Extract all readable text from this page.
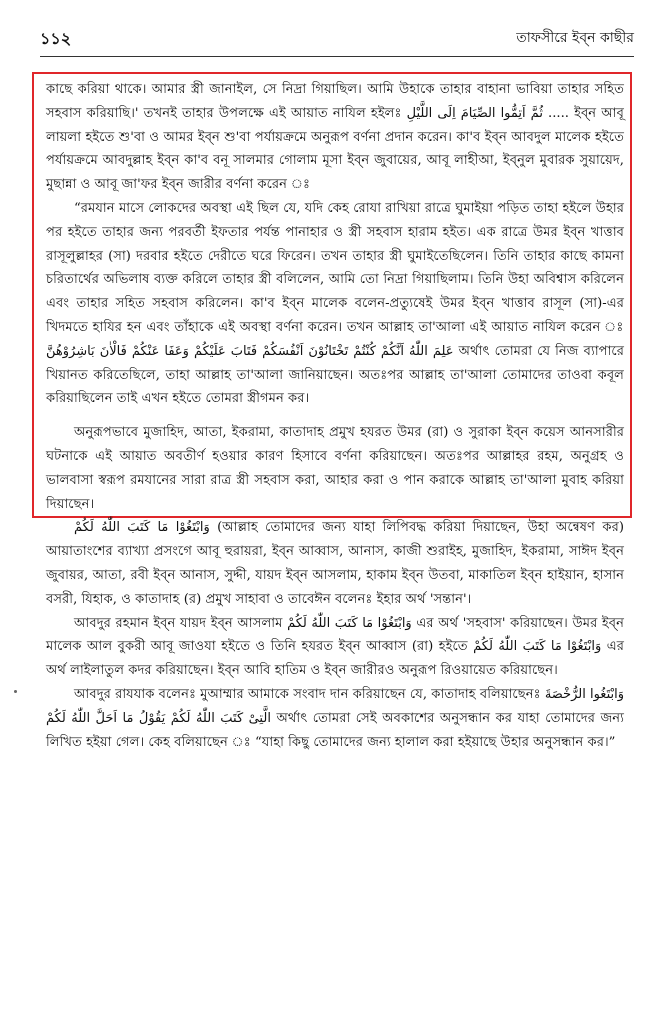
১১২	তাফসীরে ইব্‌ন কাছীর

কাছে করিয়া থাকে। আমার স্ত্রী জানাইল, সে নিদ্রা গিয়াছিল। আমি উহাকে তাহার বাহানা ভাবিয়া তাহার সহিত সহবাস করিয়াছি।' তখনই তাহার উপলক্ষে এই আয়াত নাযিল হইলঃ ثُمَّ اَتِمُّوا الصِّيَامَ اِلَى اللَّيْلِ ..... ইব্‌ন আবূ লায়লা হইতে শু'বা ও আমর ইব্‌ন শু'বা পর্যায়ক্রমে অনুরূপ বর্ণনা প্রদান করেন। কা'ব ইব্‌ন আবদুল মালেক হইতে পর্যায়ক্রমে আবদুল্লাহ ইব্‌ন কা'ব বনূ সালমার গোলাম মূসা ইব্‌ন জুবায়ের, আবূ লাহীআ, ইব্‌নুল মুবারক সুয়ায়েদ, মুছান্না ও আবূ জা'ফর ইব্‌ন জারীর বর্ণনা করেন ঃ

“রমযান মাসে লোকদের অবস্থা এই ছিল যে, যদি কেহ রোযা রাখিয়া রাত্রে ঘুমাইয়া পড়িত তাহা হইলে উহার পর হইতে তাহার জন্য পরবর্তী ইফতার পর্যন্ত পানাহার ও স্ত্রী সহবাস হারাম হইত। এক রাত্রে উমর ইব্‌ন খাত্তাব রাসূলুল্লাহর (সা) দরবার হইতে দেরীতে ঘরে ফিরেন। তখন তাহার স্ত্রী ঘুমাইতেছিলেন। তিনি তাহার কাছে কামনা চরিতার্থের অভিলাষ ব্যক্ত করিলে তাহার স্ত্রী বলিলেন, আমি তো নিদ্রা গিয়াছিলাম। তিনি উহা অবিশ্বাস করিলেন এবং তাহার সহিত সহবাস করিলেন। কা'ব ইব্‌ন মালেক বলেন-প্রত্যুষেই উমর ইব্‌ন খাত্তাব রাসূল (সা)-এর খিদমতে হাযির হন এবং তাঁহাকে এই অবস্থা বর্ণনা করেন। তখন আল্লাহ তা'আলা এই আয়াত নাযিল করেন ঃ عَلِمَ اللّٰهُ اَنَّكُمْ كُنْتُمْ تَخْتَانُوْنَ اَنْفُسَكُمْ فَتَابَ عَلَيْكُمْ وَعَفَا عَنْكُمْ فَالْاٰنَ بَاشِرُوْهُنَّ অর্থাৎ তোমরা যে নিজ ব্যাপারে খিয়ানত করিতেছিলে, তাহা আল্লাহ তা'আলা জানিয়াছেন। অতঃপর আল্লাহ তা'আলা তোমাদের তাওবা কবূল করিয়াছিলেন তাই এখন হইতে তোমরা স্ত্রীগমন কর।

অনুরূপভাবে মুজাহিদ, আতা, ইকরামা, কাতাদাহ প্রমুখ হযরত উমর (রা) ও সুরাকা ইব্‌ন কয়েস আনসারীর ঘটনাকে এই আয়াত অবতীর্ণ হওয়ার কারণ হিসাবে বর্ণনা করিয়াছেন। অতঃপর আল্লাহর রহম, অনুগ্রহ ও ভালবাসা স্বরূপ রমযানের সারা রাত্র স্ত্রী সহবাস করা, আহার করা ও পান করাকে আল্লাহ তা'আলা মুবাহ করিয়া দিয়াছেন।

وَابْتَغُوْا مَا كَتَبَ اللّٰهُ لَكُمْ (আল্লাহ তোমাদের জন্য যাহা লিপিবদ্ধ করিয়া দিয়াছেন, উহা অন্বেষণ কর) আয়াতাংশের ব্যাখ্যা প্রসংগে আবূ হুরায়রা, ইব্‌ন আব্বাস, আনাস, কাজী শুরাইহ, মুজাহিদ, ইকরামা, সাঈদ ইব্‌ন জুবায়র, আতা, রবী ইব্‌ন আনাস, সুদ্দী, যায়দ ইব্‌ন আসলাম, হাকাম ইব্‌ন উতবা, মাকাতিল ইব্‌ন হাইয়ান, হাসান বসরী, যিহাক, ও কাতাদাহ (র) প্রমুখ সাহাবা ও তাবেঈন বলেনঃ ইহার অর্থ 'সন্তান'।

আবদুর রহমান ইব্‌ন যায়দ ইব্‌ন আসলাম وَابْتَغُوْا مَا كَتَبَ اللّٰهُ لَكُمْ এর অর্থ 'সহবাস' করিয়াছেন। উমর ইব্‌ন মালেক আল বুকরী আবূ জাওযা হইতে ও তিনি হযরত ইব্‌ন আব্বাস (রা) হইতে وَابْتَغُوْا مَا كَتَبَ اللّٰهُ لَكُمْ এর অর্থ লাইলাতুল কদর করিয়াছেন। ইব্‌ন আবি হাতিম ও ইব্‌ন জারীরও অনুরূপ রিওয়ায়েত করিয়াছেন।

আবদুর রাযযাক বলেনঃ মুআম্মার আমাকে সংবাদ দান করিয়াছেন যে, কাতাদাহ বলিয়াছেনঃ وَابْتَغُوا الرُّخْصَةَ الَّتِىْ كَتَبَ اللّٰهُ لَكُمْ يَقُوْلُ مَا اَحَلَّ اللّٰهُ لَكُمْ অর্থাৎ তোমরা সেই অবকাশের অনুসন্ধান কর যাহা তোমাদের জন্য লিখিত হইয়া গেল। কেহ বলিয়াছেন ঃ “যাহা কিছু তোমাদের জন্য হালাল করা হইয়াছে উহার অনুসন্ধান কর।”
